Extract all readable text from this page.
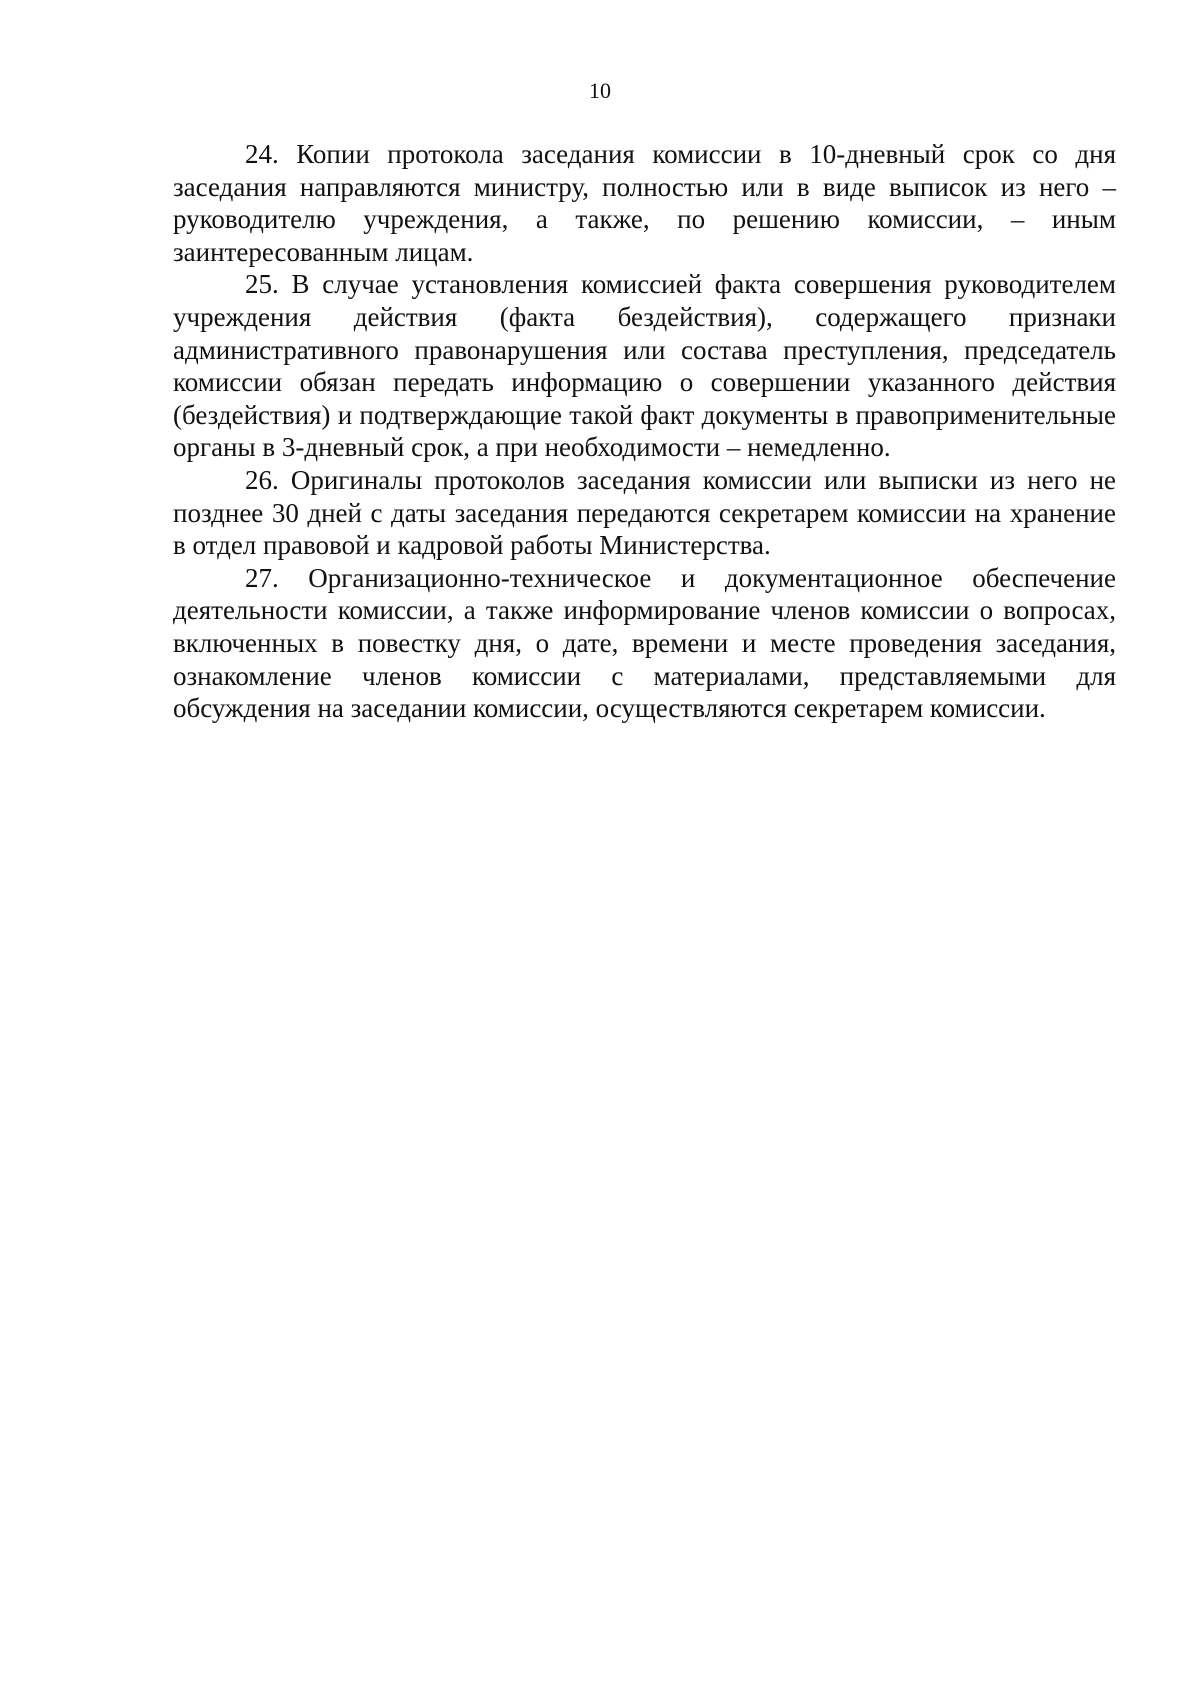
10

24. Копии протокола заседания комиссии в 10-дневный срок со дня заседания направляются министру, полностью или в виде выписок из него – руководителю учреждения, а также, по решению комиссии, – иным заинтересованным лицам.

25. В случае установления комиссией факта совершения руководителем учреждения действия (факта бездействия), содержащего признаки административного правонарушения или состава преступления, председатель комиссии обязан передать информацию о совершении указанного действия (бездействия) и подтверждающие такой факт документы в правоприменительные органы в 3-дневный срок, а при необходимости – немедленно.

26. Оригиналы протоколов заседания комиссии или выписки из него не позднее 30 дней с даты заседания передаются секретарем комиссии на хранение в отдел правовой и кадровой работы Министерства.

27. Организационно-техническое и документационное обеспечение деятельности комиссии, а также информирование членов комиссии о вопросах, включенных в повестку дня, о дате, времени и месте проведения заседания, ознакомление членов комиссии с материалами, представляемыми для обсуждения на заседании комиссии, осуществляются секретарем комиссии.
